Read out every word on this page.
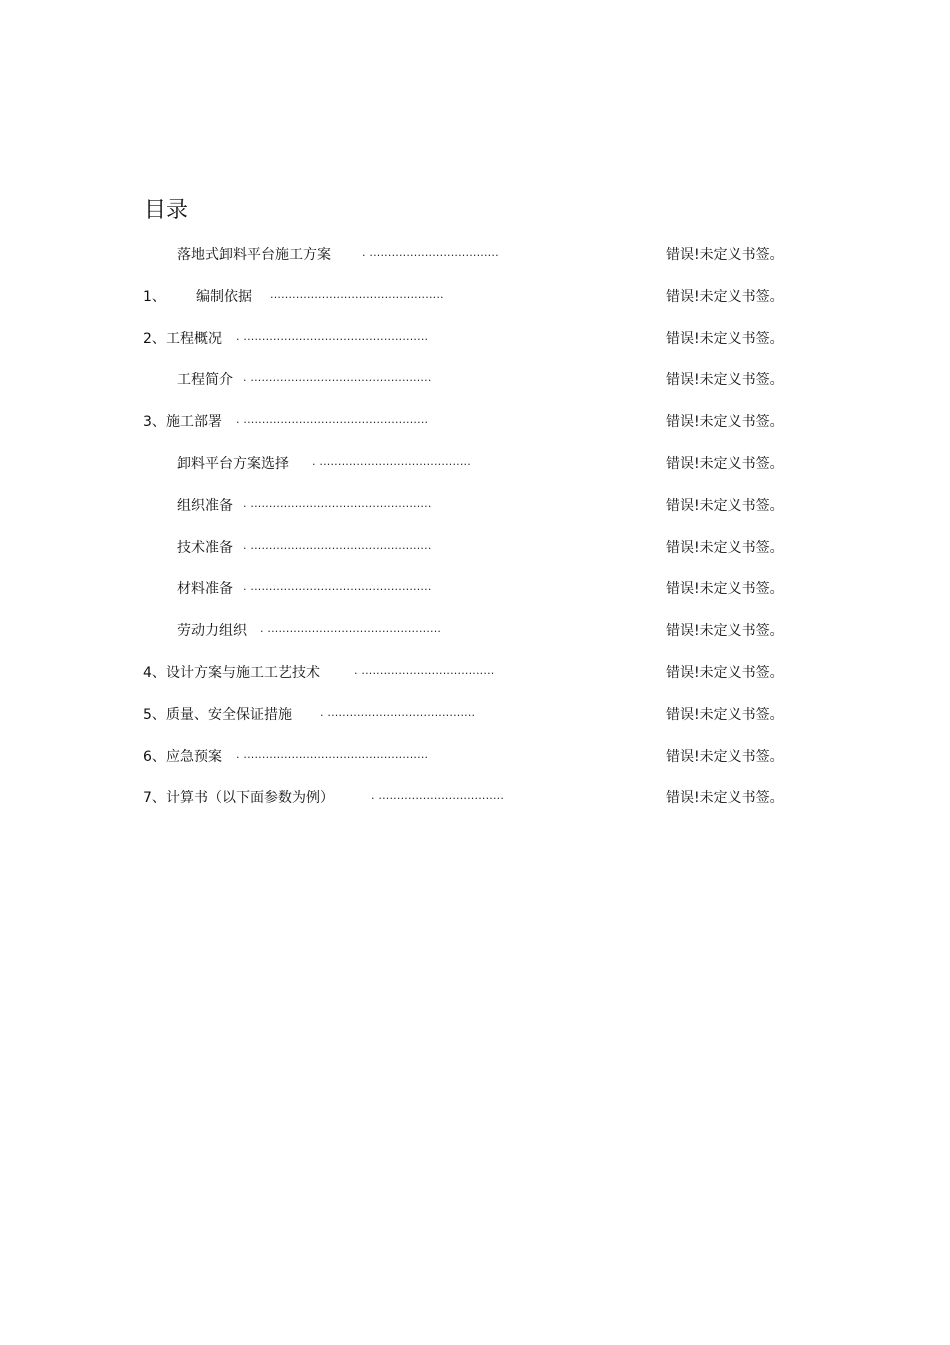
目录
落地式卸料平台施工方案	. ...................................	错误!未定义书签。
1、 编制依据 ...............................................	错误!未定义书签。
2、 工程概况 . ..................................................	错误!未定义书签。
工程简介 . .................................................	错误!未定义书签。
3、 施工部署 . ..................................................	错误!未定义书签。
卸料平台方案选择 . .........................................	错误!未定义书签。
组织准备 . .................................................	错误!未定义书签。
技术准备 . .................................................	错误!未定义书签。
材料准备 . .................................................	错误!未定义书签。
劳动力组织 . ...............................................	错误!未定义书签。
4、 设计方案与施工工艺技术	. ....................................	错误!未定义书签。
5、 质量、安全保证措施	. ........................................	错误!未定义书签。
6、 应急预案 . ..................................................	错误!未定义书签。
7、 计算书（以下面参数为例）	. ..................................	错误!未定义书签。
